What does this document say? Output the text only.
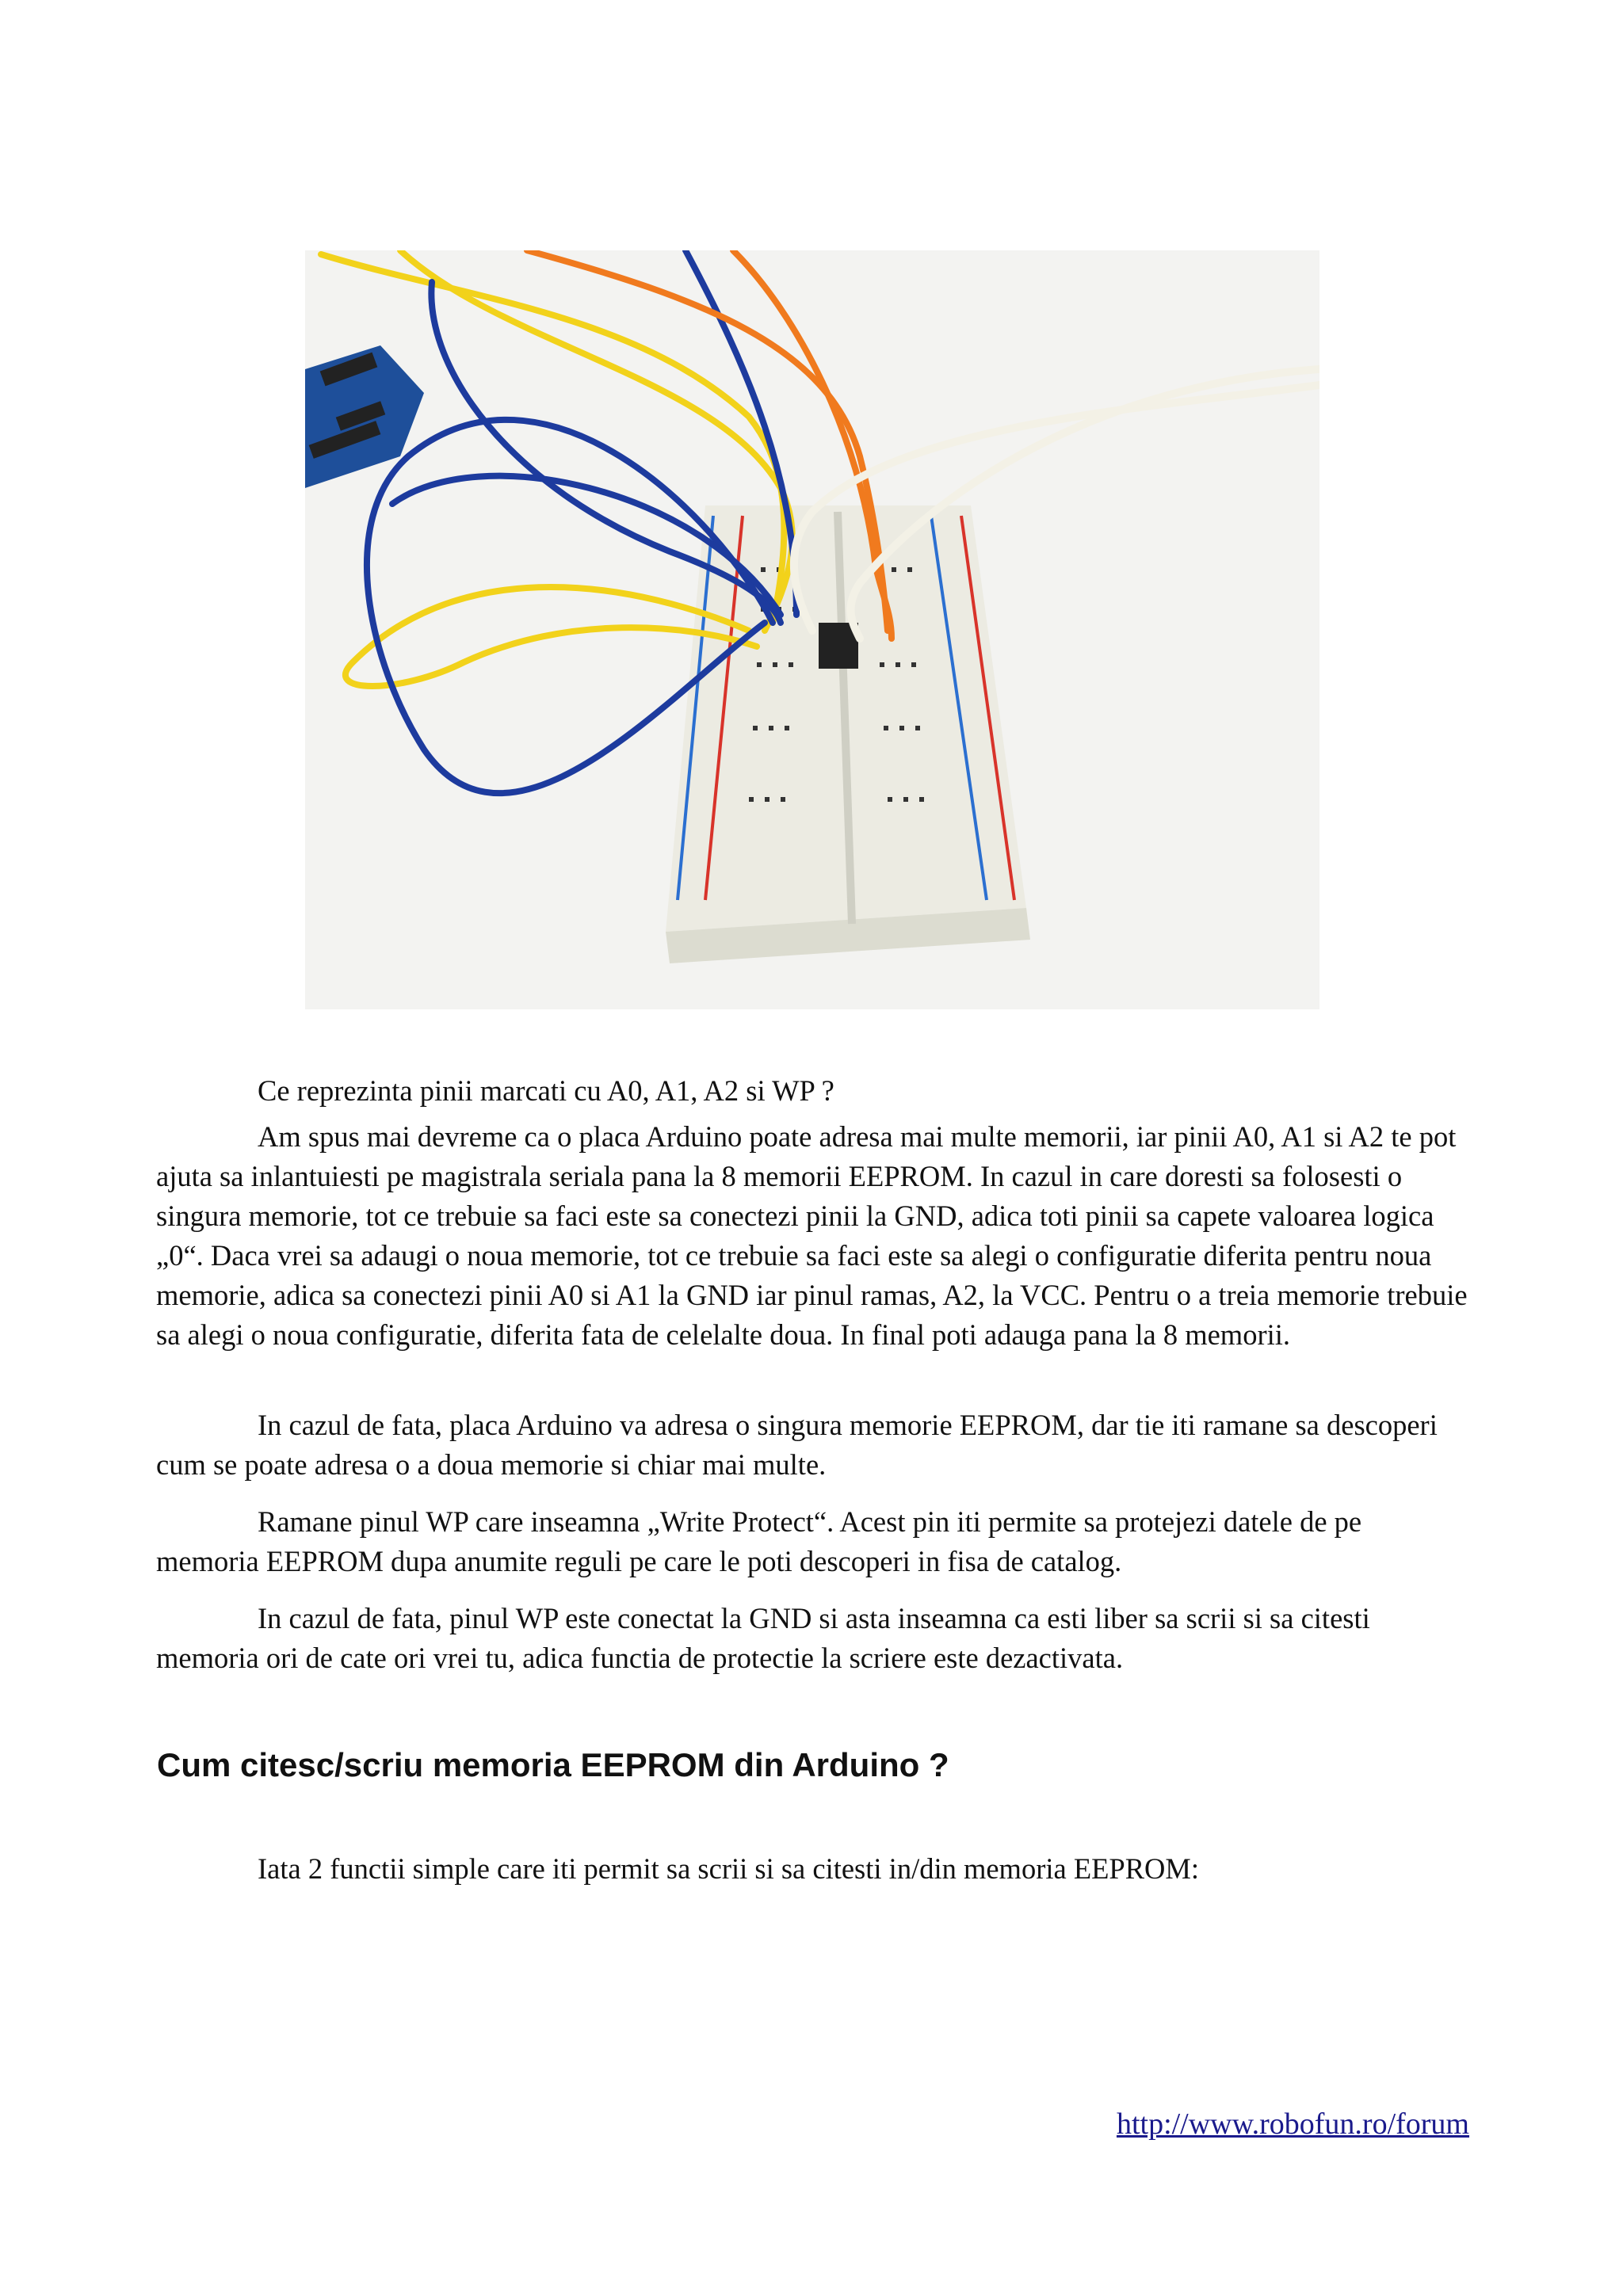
Ce reprezinta pinii marcati cu A0, A1, A2 si WP ?

Am spus mai devreme ca o placa Arduino poate adresa mai multe memorii, iar pinii A0, A1 si A2 te pot ajuta sa inlantuiesti pe magistrala seriala pana la 8 memorii EEPROM. In cazul in care doresti sa folosesti o singura memorie, tot ce trebuie sa faci este sa conectezi pinii la GND, adica toti pinii sa capete valoarea logica „0“. Daca vrei sa adaugi o noua memorie, tot ce trebuie sa faci este sa alegi o configuratie diferita pentru noua memorie, adica sa conectezi pinii A0 si A1 la GND iar pinul ramas, A2, la VCC. Pentru o a treia memorie trebuie sa alegi o noua configuratie, diferita fata de celelalte doua. In final poti adauga pana la 8 memorii.

In cazul de fata, placa Arduino va adresa o singura memorie EEPROM, dar tie iti ramane sa descoperi cum se poate adresa o a doua memorie si chiar mai multe.

Ramane pinul WP care inseamna „Write Protect“. Acest pin iti permite sa protejezi datele de pe memoria EEPROM dupa anumite reguli pe care le poti descoperi in fisa de catalog.

In cazul de fata, pinul WP este conectat la GND si asta inseamna ca esti liber sa scrii si sa citesti memoria ori de cate ori vrei tu, adica functia de protectie la scriere este dezactivata.

Cum citesc/scriu memoria EEPROM din Arduino ?

Iata 2 functii simple care iti permit sa scrii si sa citesti in/din memoria EEPROM:

http://www.robofun.ro/forum
